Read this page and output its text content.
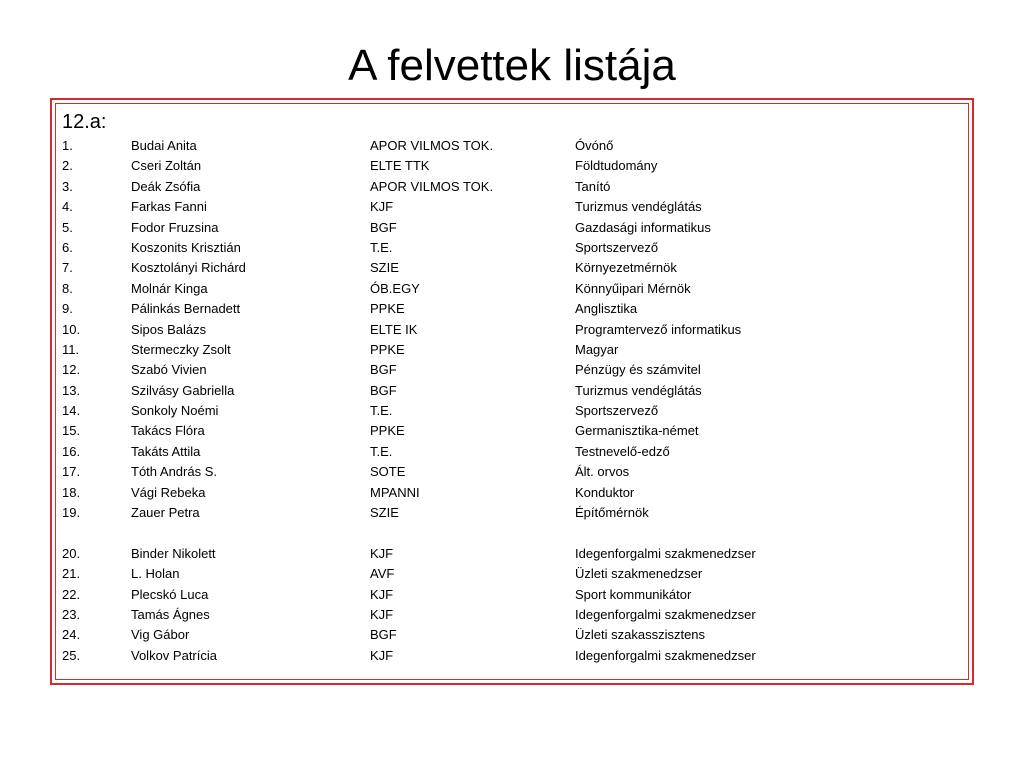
A felvettek listája
12.a:
1.	Budai Anita	APOR VILMOS TOK.	Óvónő
2.	Cseri Zoltán	ELTE TTK	Földtudomány
3.	Deák Zsófia	APOR VILMOS TOK.	Tanító
4.	Farkas Fanni	KJF	Turizmus vendéglátás
5.	Fodor Fruzsina	BGF	Gazdasági informatikus
6.	Koszonits Krisztián	T.E.	Sportszervező
7.	Kosztolányi Richárd	SZIE	Környezetmérnök
8.	Molnár Kinga	ÓB.EGY	Könnyűipari Mérnök
9.	Pálinkás Bernadett	PPKE	Anglisztika
10.	Sipos Balázs	ELTE IK	Programtervező informatikus
11.	Stermeczky Zsolt	PPKE	Magyar
12.	Szabó Vivien	BGF	Pénzügy és számvitel
13.	Szilvásy Gabriella	BGF	Turizmus vendéglátás
14.	Sonkoly Noémi	T.E.	Sportszervező
15.	Takács Flóra	PPKE	Germanisztika-német
16.	Takáts Attila	T.E.	Testnevelő-edző
17.	Tóth András S.	SOTE	Ált. orvos
18.	Vági Rebeka	MPANNI	Konduktor
19.	Zauer Petra	SZIE	Építőmérnök
20.	Binder Nikolett	KJF	Idegenforgalmi szakmenedzser
21.	L. Holan	AVF	Üzleti szakmenedzser
22.	Plecskó Luca	KJF	Sport kommunikátor
23.	Tamás Ágnes	KJF	Idegenforgalmi szakmenedzser
24.	Vig Gábor	BGF	Üzleti szakasszisztens
25.	Volkov Patrícia	KJF	Idegenforgalmi szakmenedzser
